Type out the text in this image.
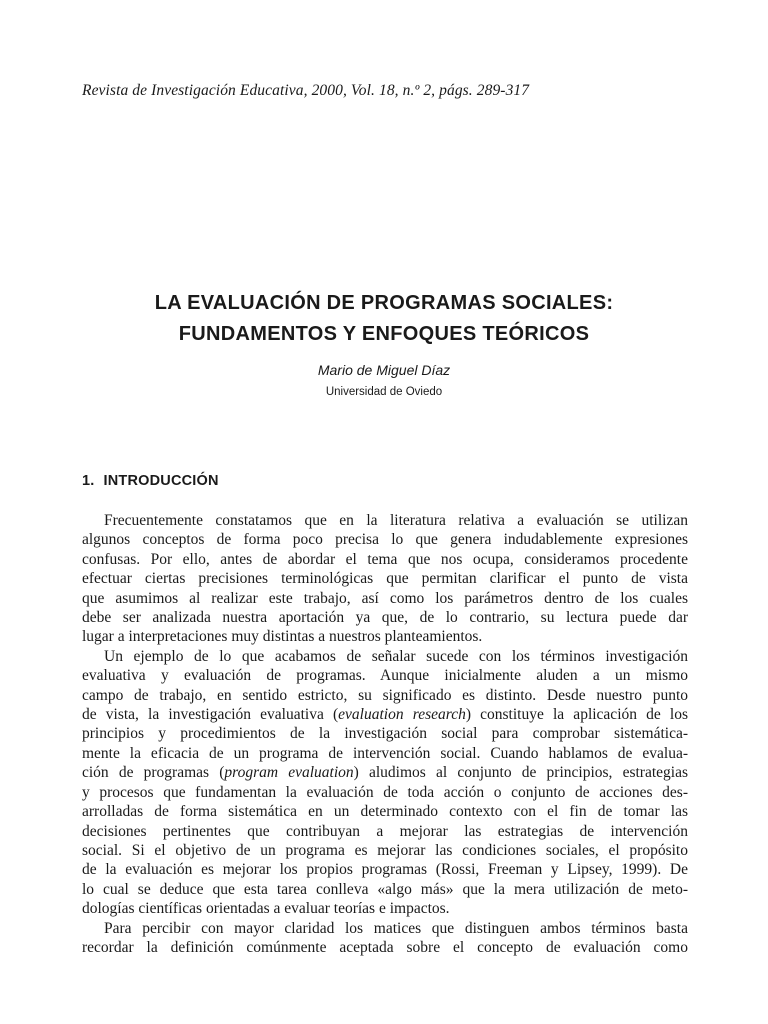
Revista de Investigación Educativa, 2000, Vol. 18, n.º 2, págs. 289-317
LA EVALUACIÓN DE PROGRAMAS SOCIALES:
FUNDAMENTOS Y ENFOQUES TEÓRICOS
Mario de Miguel Díaz
Universidad de Oviedo
1. INTRODUCCIÓN
Frecuentemente constatamos que en la literatura relativa a evaluación se utilizan
algunos conceptos de forma poco precisa lo que genera indudablemente expresiones
confusas. Por ello, antes de abordar el tema que nos ocupa, consideramos procedente
efectuar ciertas precisiones terminológicas que permitan clarificar el punto de vista
que asumimos al realizar este trabajo, así como los parámetros dentro de los cuales
debe ser analizada nuestra aportación ya que, de lo contrario, su lectura puede dar
lugar a interpretaciones muy distintas a nuestros planteamientos.
Un ejemplo de lo que acabamos de señalar sucede con los términos investigación
evaluativa y evaluación de programas. Aunque inicialmente aluden a un mismo
campo de trabajo, en sentido estricto, su significado es distinto. Desde nuestro punto
de vista, la investigación evaluativa (evaluation research) constituye la aplicación de los
principios y procedimientos de la investigación social para comprobar sistemática-
mente la eficacia de un programa de intervención social. Cuando hablamos de evalua-
ción de programas (program evaluation) aludimos al conjunto de principios, estrategias
y procesos que fundamentan la evaluación de toda acción o conjunto de acciones des-
arrolladas de forma sistemática en un determinado contexto con el fin de tomar las
decisiones pertinentes que contribuyan a mejorar las estrategias de intervención
social. Si el objetivo de un programa es mejorar las condiciones sociales, el propósito
de la evaluación es mejorar los propios programas (Rossi, Freeman y Lipsey, 1999). De
lo cual se deduce que esta tarea conlleva «algo más» que la mera utilización de meto-
dologías científicas orientadas a evaluar teorías e impactos.
Para percibir con mayor claridad los matices que distinguen ambos términos basta
recordar la definición comúnmente aceptada sobre el concepto de evaluación como
